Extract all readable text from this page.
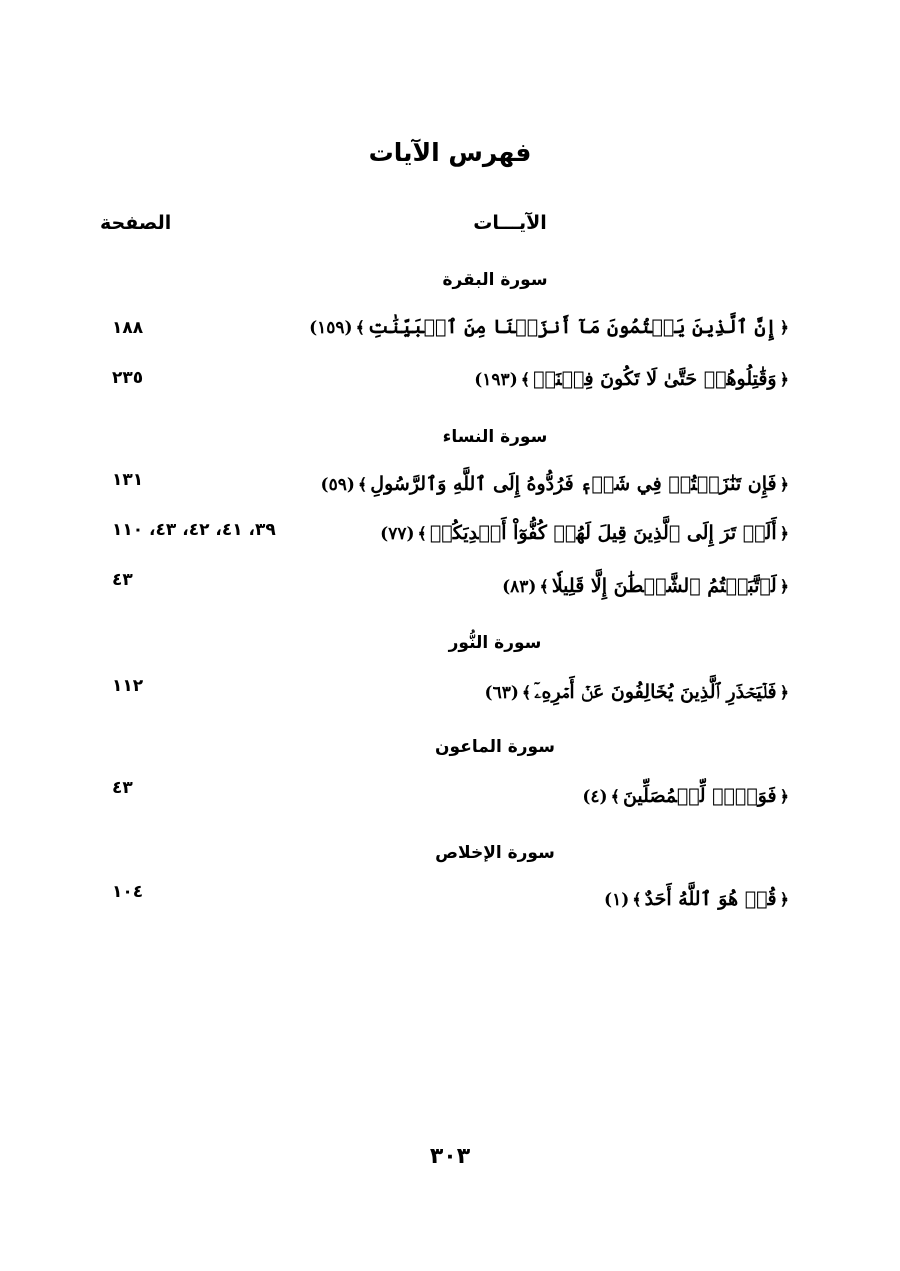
فهرس الآيات
الآيـــات
الصفحة
سورة البقرة
﴿إِنَّ ٱلَّذِينَ يَكۡتُمُونَ مَآ أَنزَلۡنَا مِنَ ٱلۡبَيِّنَٰتِ﴾(١٥٩)
١٨٨
﴿وَقَٰتِلُوهُمۡ حَتَّىٰ لَا تَكُونَ فِتۡنَةٞ﴾(١٩٣)
٢٣٥
سورة النساء
﴿فَإِن تَنَٰزَعۡتُمۡ فِي شَيۡءٖ فَرُدُّوهُ إِلَى ٱللَّهِ وَٱلرَّسُولِ﴾(٥٩)
١٣١
﴿أَلَمۡ تَرَ إِلَى ٱلَّذِينَ قِيلَ لَهُمۡ كُفُّوٓاْ أَيۡدِيَكُمۡ﴾(٧٧)
٣٩، ٤١، ٤٢، ٤٣، ١١٠
﴿لَٱتَّبَعۡتُمُ ٱلشَّيۡطَٰنَ إِلَّا قَلِيلٗا﴾(٨٣)
٤٣
سورة النُّور
﴿فَلۡيَحۡذَرِ ٱلَّذِينَ يُخَالِفُونَ عَنۡ أَمۡرِهِۦٓ﴾(٦٣)
١١٢
سورة الماعون
﴿فَوَيۡلٞ لِّلۡمُصَلِّينَ﴾(٤)
٤٣
سورة الإخلاص
﴿قُلۡ هُوَ ٱللَّهُ أَحَدٌ﴾(١)
١٠٤
٣٠٣
